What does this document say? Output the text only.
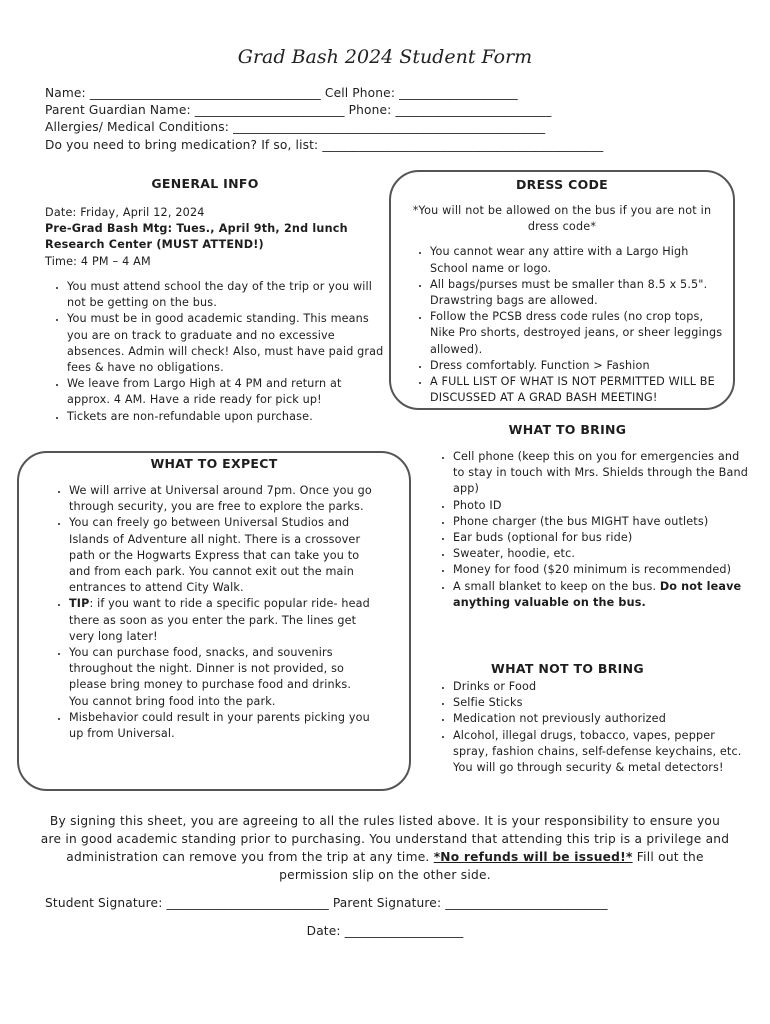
Grad Bash 2024 Student Form
Name: _____________________________________ Cell Phone: ___________________
Parent Guardian Name: ________________________ Phone: _________________________
Allergies/ Medical Conditions: __________________________________________________
Do you need to bring medication? If so, list: _____________________________________________
GENERAL INFO
Date: Friday, April 12, 2024
Pre-Grad Bash Mtg: Tues., April 9th, 2nd lunch
Research Center (MUST ATTEND!)
Time: 4 PM – 4 AM
• You must attend school the day of the trip or you will not be getting on the bus.
• You must be in good academic standing. This means you are on track to graduate and no excessive absences. Admin will check! Also, must have paid grad fees & have no obligations.
• We leave from Largo High at 4 PM and return at approx. 4 AM. Have a ride ready for pick up!
• Tickets are non-refundable upon purchase.
DRESS CODE
*You will not be allowed on the bus if you are not in dress code*
• You cannot wear any attire with a Largo High School name or logo.
• All bags/purses must be smaller than 8.5 x 5.5". Drawstring bags are allowed.
• Follow the PCSB dress code rules (no crop tops, Nike Pro shorts, destroyed jeans, or sheer leggings allowed).
• Dress comfortably. Function > Fashion
• A FULL LIST OF WHAT IS NOT PERMITTED WILL BE DISCUSSED AT A GRAD BASH MEETING!
WHAT TO EXPECT
• We will arrive at Universal around 7pm. Once you go through security, you are free to explore the parks.
• You can freely go between Universal Studios and Islands of Adventure all night. There is a crossover path or the Hogwarts Express that can take you to and from each park. You cannot exit out the main entrances to attend City Walk.
• TIP: if you want to ride a specific popular ride- head there as soon as you enter the park. The lines get very long later!
• You can purchase food, snacks, and souvenirs throughout the night. Dinner is not provided, so please bring money to purchase food and drinks. You cannot bring food into the park.
• Misbehavior could result in your parents picking you up from Universal.
WHAT TO BRING
• Cell phone (keep this on you for emergencies and to stay in touch with Mrs. Shields through the Band app)
• Photo ID
• Phone charger (the bus MIGHT have outlets)
• Ear buds (optional for bus ride)
• Sweater, hoodie, etc.
• Money for food ($20 minimum is recommended)
• A small blanket to keep on the bus. Do not leave anything valuable on the bus.
WHAT NOT TO BRING
• Drinks or Food
• Selfie Sticks
• Medication not previously authorized
• Alcohol, illegal drugs, tobacco, vapes, pepper spray, fashion chains, self-defense keychains, etc. You will go through security & metal detectors!
By signing this sheet, you are agreeing to all the rules listed above. It is your responsibility to ensure you are in good academic standing prior to purchasing. You understand that attending this trip is a privilege and administration can remove you from the trip at any time. *No refunds will be issued!* Fill out the permission slip on the other side.
Student Signature: __________________________ Parent Signature: __________________________
Date: ___________________
